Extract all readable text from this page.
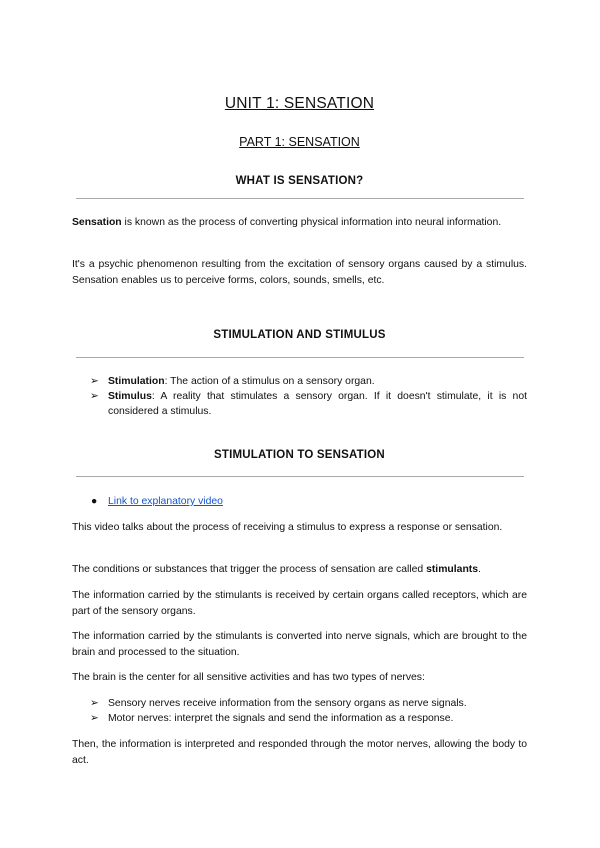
UNIT 1: SENSATION
PART 1: SENSATION
WHAT IS SENSATION?
Sensation is known as the process of converting physical information into neural information.
It's a psychic phenomenon resulting from the excitation of sensory organs caused by a stimulus. Sensation enables us to perceive forms, colors, sounds, smells, etc.
STIMULATION AND STIMULUS
➢ Stimulation: The action of a stimulus on a sensory organ.
➢ Stimulus: A reality that stimulates a sensory organ. If it doesn't stimulate, it is not considered a stimulus.
STIMULATION TO SENSATION
● Link to explanatory video
This video talks about the process of receiving a stimulus to express a response or sensation.
The conditions or substances that trigger the process of sensation are called stimulants.
The information carried by the stimulants is received by certain organs called receptors, which are part of the sensory organs.
The information carried by the stimulants is converted into nerve signals, which are brought to the brain and processed to the situation.
The brain is the center for all sensitive activities and has two types of nerves:
➢ Sensory nerves receive information from the sensory organs as nerve signals.
➢ Motor nerves: interpret the signals and send the information as a response.
Then, the information is interpreted and responded through the motor nerves, allowing the body to act.
